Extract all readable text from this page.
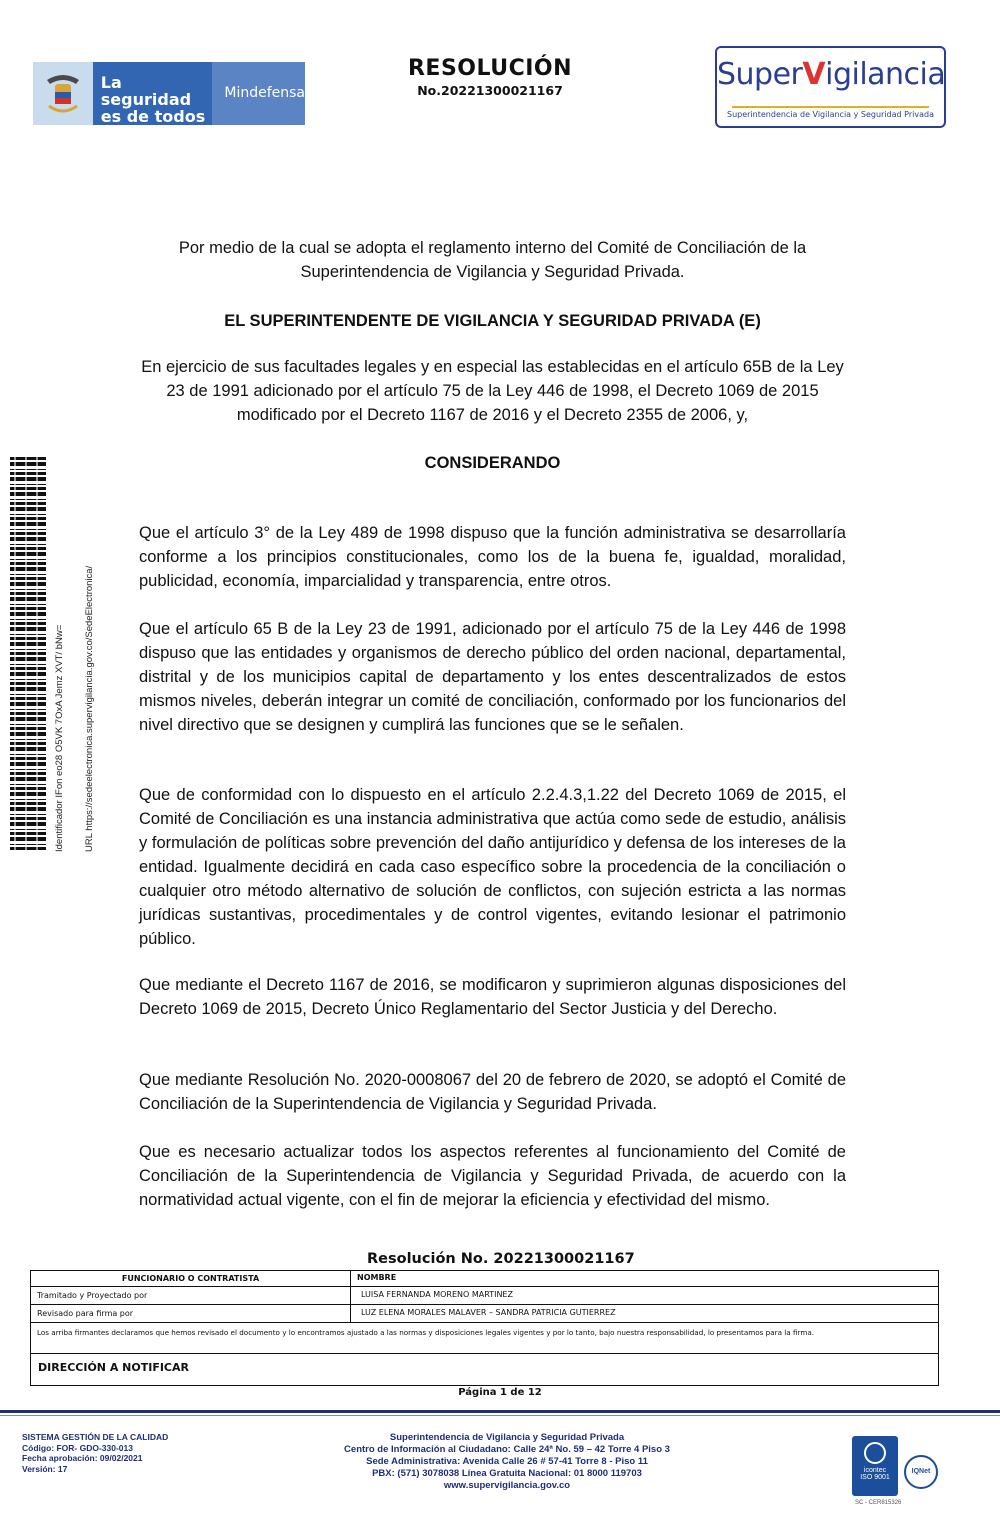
La seguridad
es de todos
Mindefensa
RESOLUCIÓN
No.20221300021167	SuperVigilancia
Superintendencia de Vigilancia y Seguridad Privada
Identificador IFon eo28 O5VK 7OxA Jemz XVT/ bNw= URL https://sedeelectronica.supervigilancia.gov.co/SedeElectronica/
Por medio de la cual se adopta el reglamento interno del Comité de Conciliación de la Superintendencia de Vigilancia y Seguridad Privada.
EL SUPERINTENDENTE DE VIGILANCIA Y SEGURIDAD PRIVADA (E)
En ejercicio de sus facultades legales y en especial las establecidas en el artículo 65B de la Ley 23 de 1991 adicionado por el artículo 75 de la Ley 446 de 1998, el Decreto 1069 de 2015 modificado por el Decreto 1167 de 2016 y el Decreto 2355 de 2006, y,
CONSIDERANDO
Que el artículo 3° de la Ley 489 de 1998 dispuso que la función administrativa se desarrollaría conforme a los principios constitucionales, como los de la buena fe, igualdad, moralidad, publicidad, economía, imparcialidad y transparencia, entre otros.
Que el artículo 65 B de la Ley 23 de 1991, adicionado por el artículo 75 de la Ley 446 de 1998 dispuso que las entidades y organismos de derecho público del orden nacional, departamental, distrital y de los municipios capital de departamento y los entes descentralizados de estos mismos niveles, deberán integrar un comité de conciliación, conformado por los funcionarios del nivel directivo que se designen y cumplirá las funciones que se le señalen.
Que de conformidad con lo dispuesto en el artículo 2.2.4.3,1.22 del Decreto 1069 de 2015, el Comité de Conciliación es una instancia administrativa que actúa como sede de estudio, análisis y formulación de políticas sobre prevención del daño antijurídico y defensa de los intereses de la entidad. Igualmente decidirá en cada caso específico sobre la procedencia de la conciliación o cualquier otro método alternativo de solución de conflictos, con sujeción estricta a las normas jurídicas sustantivas, procedimentales y de control vigentes, evitando lesionar el patrimonio público.
Que mediante el Decreto 1167 de 2016, se modificaron y suprimieron algunas disposiciones del Decreto 1069 de 2015, Decreto Único Reglamentario del Sector Justicia y del Derecho.
Que mediante Resolución No. 2020-0008067 del 20 de febrero de 2020, se adoptó el Comité de Conciliación de la Superintendencia de Vigilancia y Seguridad Privada.
Que es necesario actualizar todos los aspectos referentes al funcionamiento del Comité de Conciliación de la Superintendencia de Vigilancia y Seguridad Privada, de acuerdo con la normatividad actual vigente, con el fin de mejorar la eficiencia y efectividad del mismo.
Resolución No. 20221300021167
FUNCIONARIO O CONTRATISTA	NOMBRE
Tramitado y Proyectado por	LUISA FERNANDA MORENO MARTINEZ
Revisado para firma por	LUZ ELENA MORALES MALAVER – SANDRA PATRICIA GUTIERREZ
Los arriba firmantes declaramos que hemos revisado el documento y lo encontramos ajustado a las normas y disposiciones legales vigentes y por lo tanto, bajo nuestra responsabilidad, lo presentamos para la firma.
DIRECCIÓN A NOTIFICAR
Página 1 de 12
SISTEMA GESTIÓN DE LA CALIDAD
Código: FOR- GDO-330-013
Fecha aprobación: 09/02/2021
Versión: 17
Superintendencia de Vigilancia y Seguridad Privada
Centro de Información al Ciudadano: Calle 24ª No. 59 – 42 Torre 4 Piso 3
Sede Administrativa: Avenida Calle 26 # 57-41 Torre 8 - Piso 11
PBX: (571) 3078038 Línea Gratuita Nacional: 01 8000 119703
www.supervigilancia.gov.co
icontec
ISO 9001
IQNet
SC - CER815326
